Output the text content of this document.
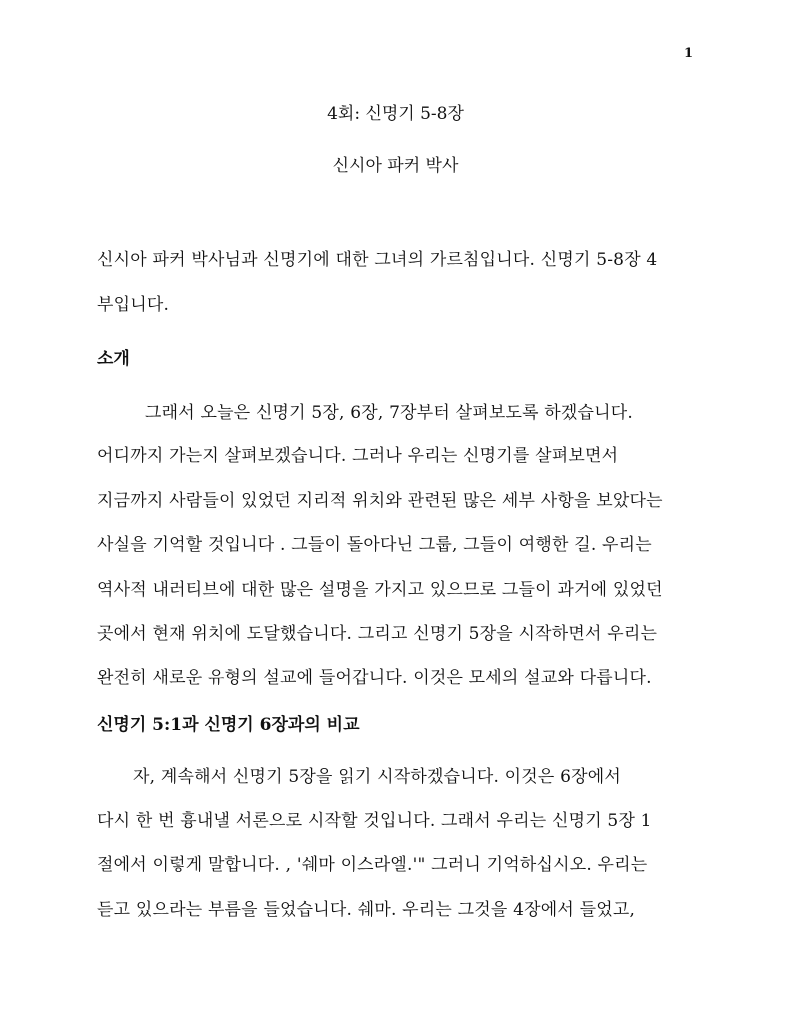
1
4회: 신명기 5-8장
신시아 파커 박사
신시아 파커 박사님과 신명기에 대한 그녀의 가르침입니다. 신명기 5-8장 4
부입니다.
소개
그래서 오늘은 신명기 5장, 6장, 7장부터 살펴보도록 하겠습니다.
어디까지 가는지 살펴보겠습니다. 그러나 우리는 신명기를 살펴보면서
지금까지 사람들이 있었던 지리적 위치와 관련된 많은 세부 사항을 보았다는
사실을 기억할 것입니다 . 그들이 돌아다닌 그룹, 그들이 여행한 길. 우리는
역사적 내러티브에 대한 많은 설명을 가지고 있으므로 그들이 과거에 있었던
곳에서 현재 위치에 도달했습니다. 그리고 신명기 5장을 시작하면서 우리는
완전히 새로운 유형의 설교에 들어갑니다. 이것은 모세의 설교와 다릅니다.
신명기 5:1과 신명기 6장과의 비교
자, 계속해서 신명기 5장을 읽기 시작하겠습니다. 이것은 6장에서
다시 한 번 흉내낼 서론으로 시작할 것입니다. 그래서 우리는 신명기 5장 1
절에서 이렇게 말합니다. , '쉐마 이스라엘.'" 그러니 기억하십시오. 우리는
듣고 있으라는 부름을 들었습니다. 쉐마. 우리는 그것을 4장에서 들었고,
